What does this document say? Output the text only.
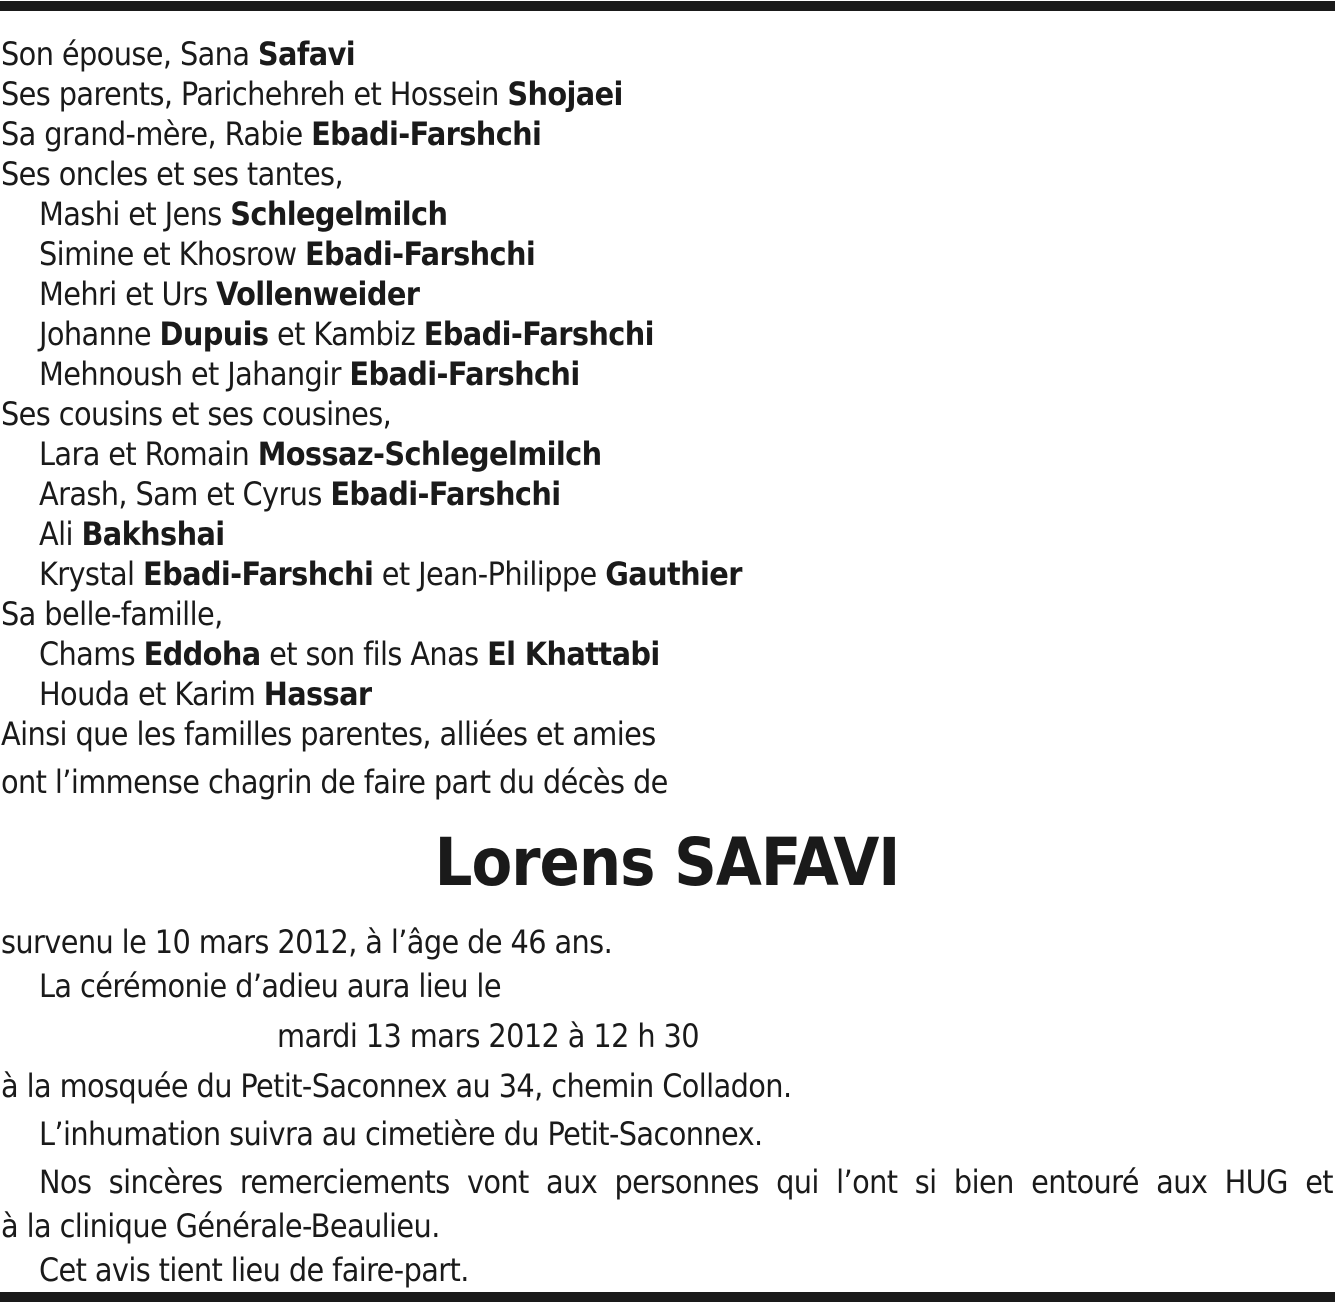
Son épouse, Sana Safavi
Ses parents, Parichehreh et Hossein Shojaei
Sa grand-mère, Rabie Ebadi-Farshchi
Ses oncles et ses tantes,
Mashi et Jens Schlegelmilch
Simine et Khosrow Ebadi-Farshchi
Mehri et Urs Vollenweider
Johanne Dupuis et Kambiz Ebadi-Farshchi
Mehnoush et Jahangir Ebadi-Farshchi
Ses cousins et ses cousines,
Lara et Romain Mossaz-Schlegelmilch
Arash, Sam et Cyrus Ebadi-Farshchi
Ali Bakhshai
Krystal Ebadi-Farshchi et Jean-Philippe Gauthier
Sa belle-famille,
Chams Eddoha et son fils Anas El Khattabi
Houda et Karim Hassar
Ainsi que les familles parentes, alliées et amies
ont l’immense chagrin de faire part du décès de
Lorens SAFAVI
survenu le 10 mars 2012, à l’âge de 46 ans.
La cérémonie d’adieu aura lieu le
mardi 13 mars 2012 à 12 h 30
à la mosquée du Petit-Saconnex au 34, chemin Colladon.
L’inhumation suivra au cimetière du Petit-Saconnex.
Nos sincères remerciements vont aux personnes qui l’ont si bien entouré aux HUG et
à la clinique Générale-Beaulieu.
Cet avis tient lieu de faire-part.
